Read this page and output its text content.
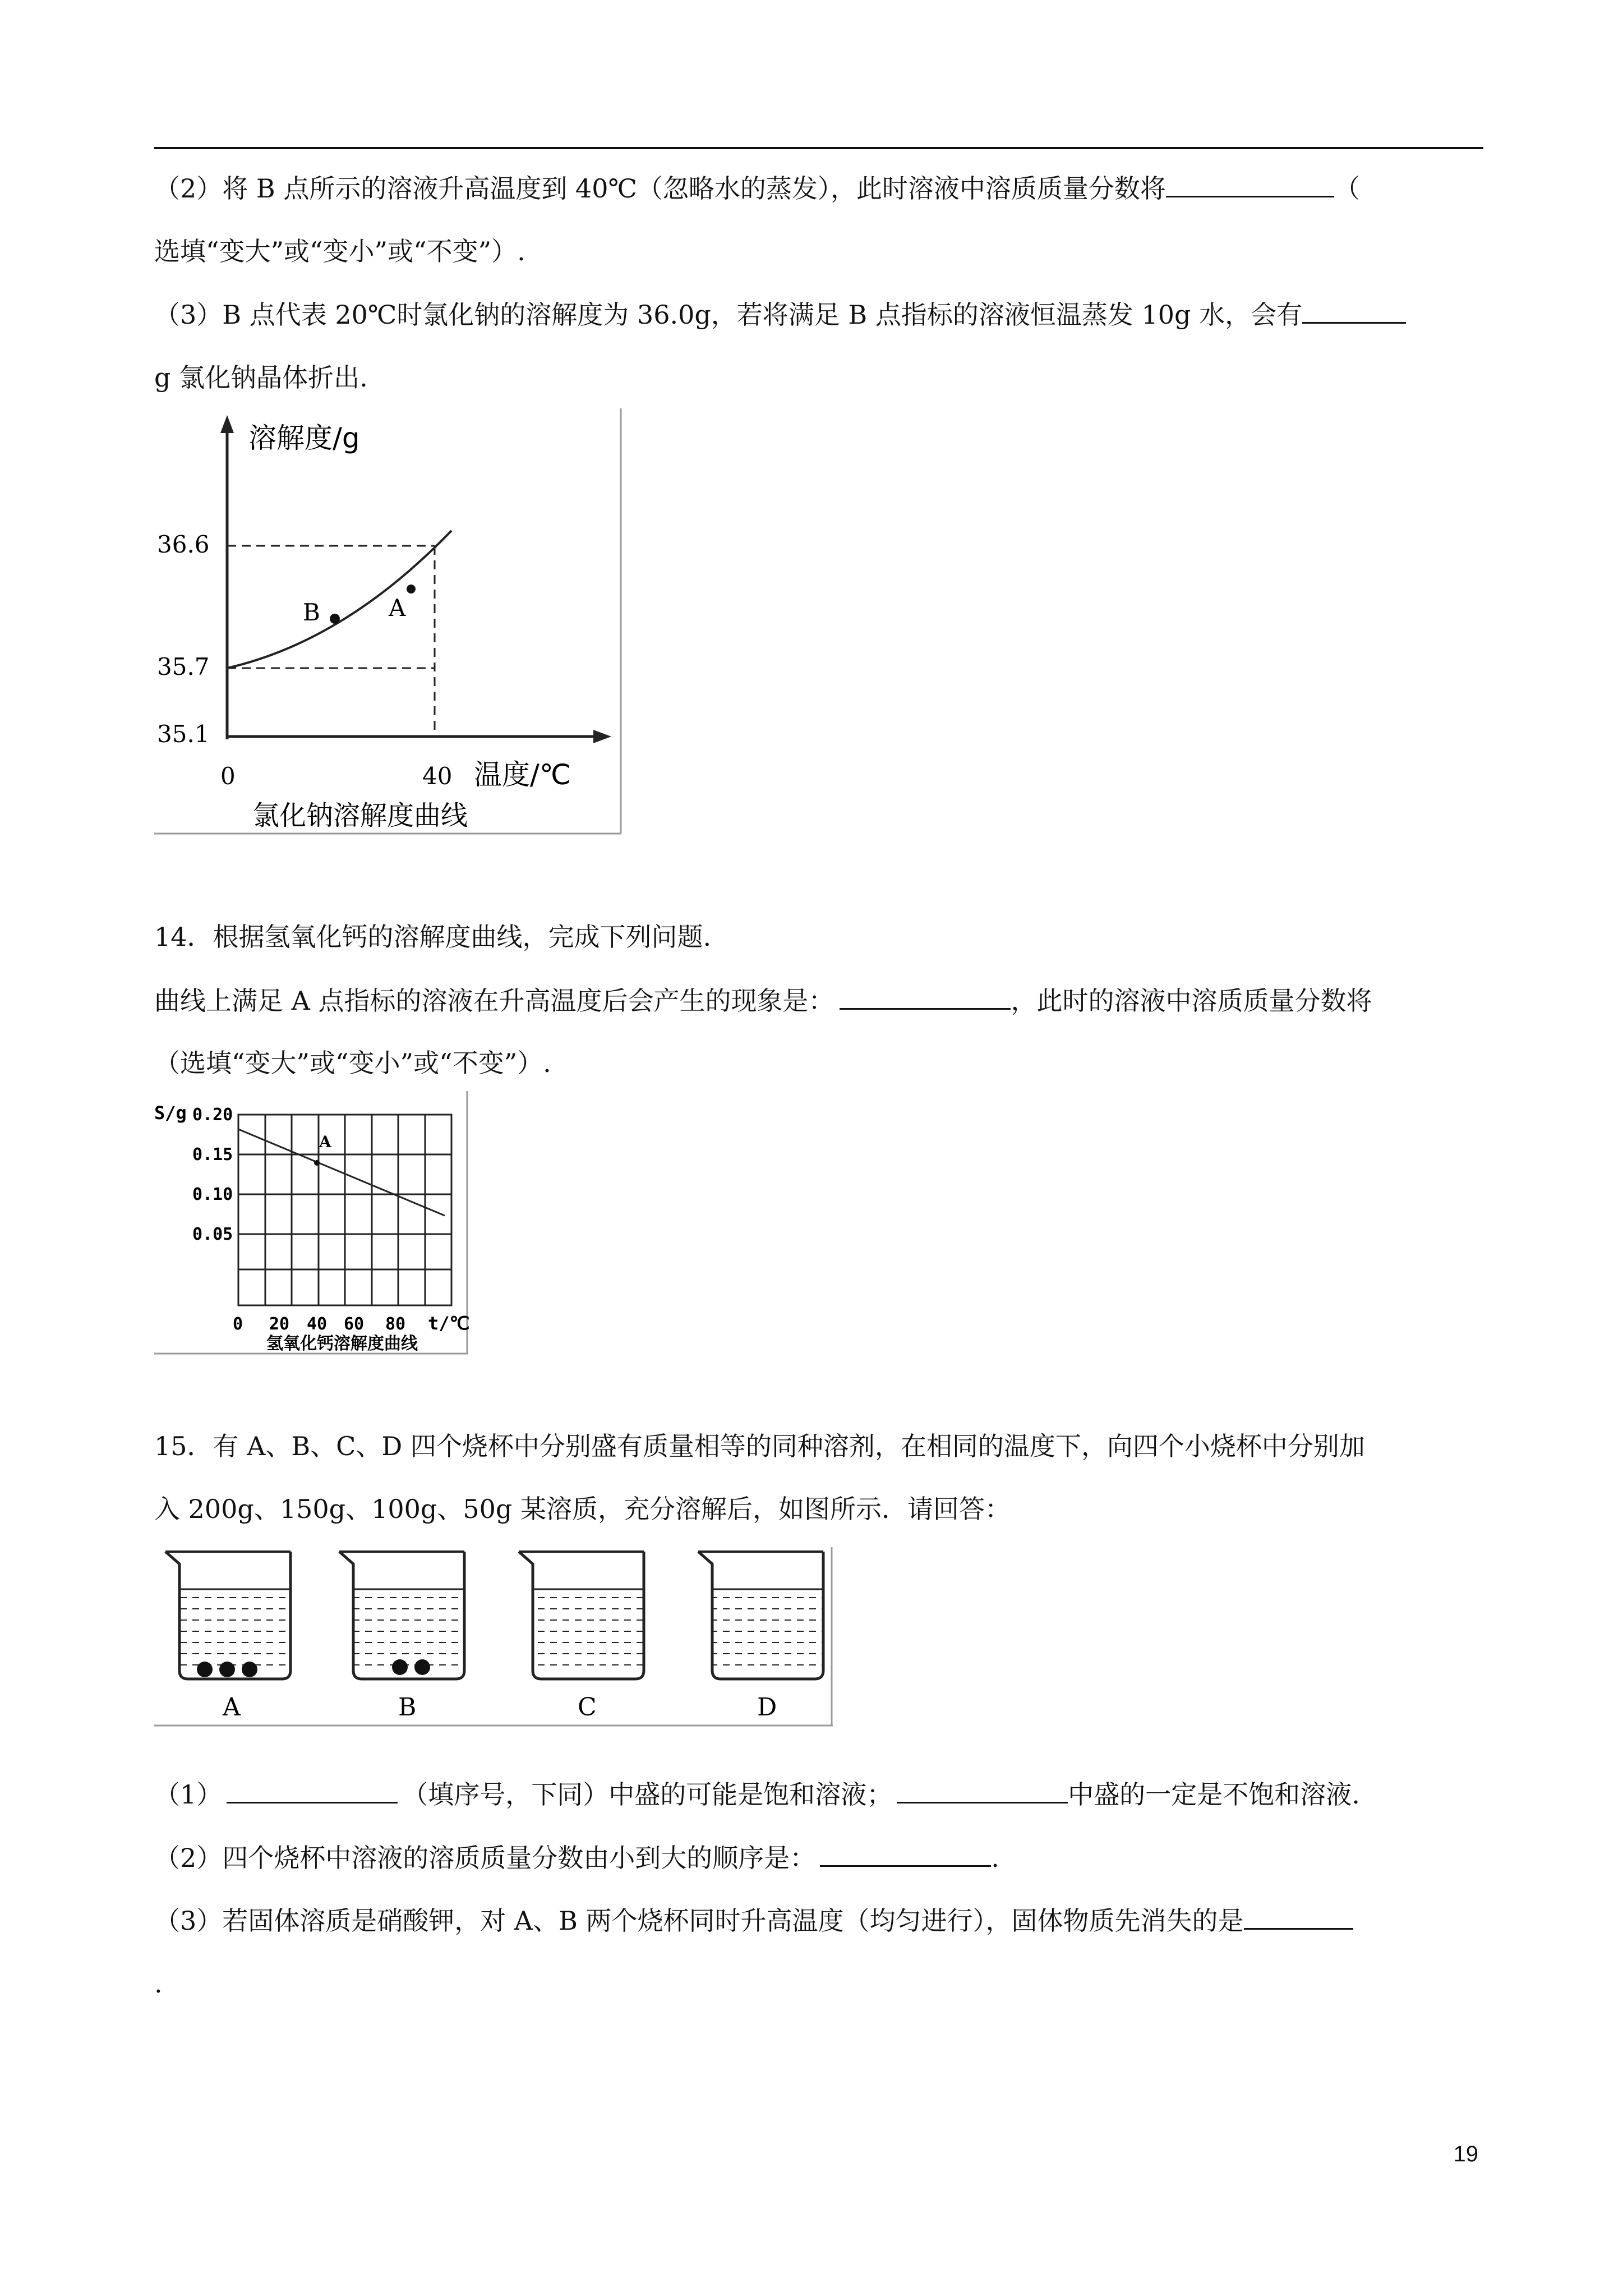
（2）将 B 点所示的溶液升高温度到 40℃（忽略水的蒸发），此时溶液中溶质质量分数将	（
选填“变大”或“变小”或“不变”）.
（3）B 点代表 20℃时氯化钠的溶解度为 36.0g，若将满足 B 点指标的溶液恒温蒸发 10g 水，会有
g 氯化钠晶体折出.
溶解度/g
36.6
35.7
35.1
0	40 温度/℃
B	A
氯化钠溶解度曲线
14．根据氢氧化钙的溶解度曲线，完成下列问题.
曲线上满足 A 点指标的溶液在升高温度后会产生的现象是：	，此时的溶液中溶质质量分数将
（选填“变大”或“变小”或“不变”）.
A
S/g 0.20
0.15
0.10
0.05
0 20 40 60 80 t/℃
氢氧化钙溶解度曲线
15．有 A、B、C、D 四个烧杯中分别盛有质量相等的同种溶剂，在相同的温度下，向四个小烧杯中分别加
入 200g、150g、100g、50g 某溶质，充分溶解后，如图所示．请回答：
A	B	C	D
（1）	（填序号，下同）中盛的可能是饱和溶液；	中盛的一定是不饱和溶液.
（2）四个烧杯中溶液的溶质质量分数由小到大的顺序是：	.
（3）若固体溶质是硝酸钾，对 A、B 两个烧杯同时升高温度（均匀进行），固体物质先消失的是
.
19
